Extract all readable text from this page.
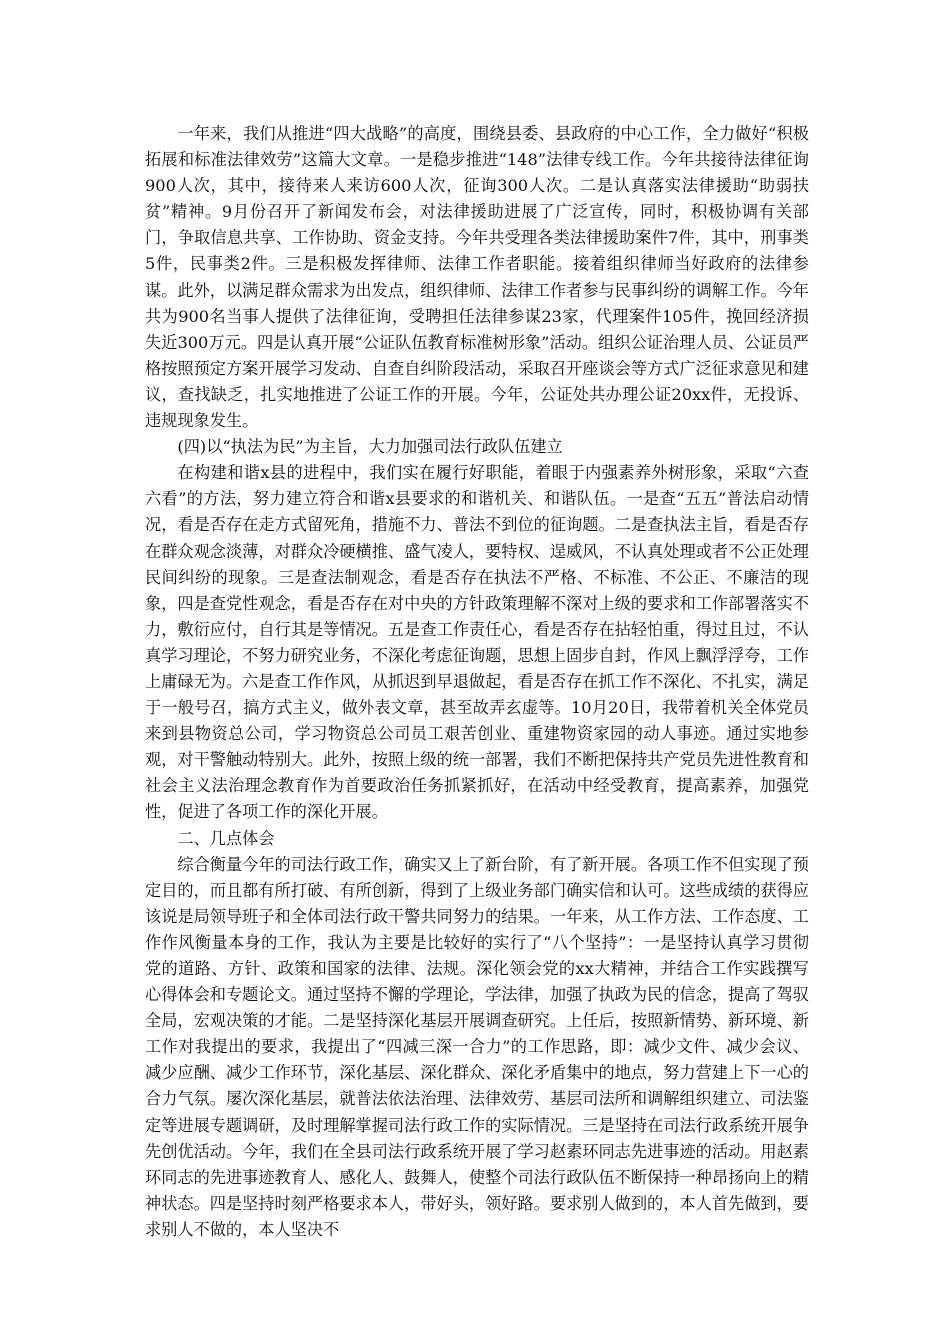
一年来，我们从推进“四大战略”的高度，围绕县委、县政府的中心工作，全力做好“积极拓展和标准法律效劳”这篇大文章。一是稳步推进“148”法律专线工作。今年共接待法律征询900人次，其中，接待来人来访600人次，征询300人次。二是认真落实法律援助“助弱扶贫”精神。9月份召开了新闻发布会，对法律援助进展了广泛宣传，同时，积极协调有关部门，争取信息共享、工作协助、资金支持。今年共受理各类法律援助案件7件，其中，刑事类5件，民事类2件。三是积极发挥律师、法律工作者职能。接着组织律师当好政府的法律参谋。此外，以满足群众需求为出发点，组织律师、法律工作者参与民事纠纷的调解工作。今年共为900名当事人提供了法律征询，受聘担任法律参谋23家，代理案件105件，挽回经济损失近300万元。四是认真开展“公证队伍教育标准树形象”活动。组织公证治理人员、公证员严格按照预定方案开展学习发动、自查自纠阶段活动，采取召开座谈会等方式广泛征求意见和建议，查找缺乏，扎实地推进了公证工作的开展。今年，公证处共办理公证20xx件，无投诉、违规现象发生。

(四)以“执法为民”为主旨，大力加强司法行政队伍建立

在构建和谐x县的进程中，我们实在履行好职能，着眼于内强素养外树形象，采取“六查六看”的方法，努力建立符合和谐x县要求的和谐机关、和谐队伍。一是查“五五”普法启动情况，看是否存在走方式留死角，措施不力、普法不到位的征询题。二是查执法主旨，看是否存在群众观念淡薄，对群众冷硬横推、盛气凌人，要特权、逞威风，不认真处理或者不公正处理民间纠纷的现象。三是查法制观念，看是否存在执法不严格、不标准、不公正、不廉洁的现象，四是查党性观念，看是否存在对中央的方针政策理解不深对上级的要求和工作部署落实不力，敷衍应付，自行其是等情况。五是查工作责任心，看是否存在拈轻怕重，得过且过，不认真学习理论，不努力研究业务，不深化考虑征询题，思想上固步自封，作风上飘浮浮夸，工作上庸碌无为。六是查工作作风，从抓迟到早退做起，看是否存在抓工作不深化、不扎实，满足于一般号召，搞方式主义，做外表文章，甚至故弄玄虚等。10月20日，我带着机关全体党员来到县物资总公司，学习物资总公司员工艰苦创业、重建物资家园的动人事迹。通过实地参观，对干警触动特别大。此外，按照上级的统一部署，我们不断把保持共产党员先进性教育和社会主义法治理念教育作为首要政治任务抓紧抓好，在活动中经受教育，提高素养，加强党性，促进了各项工作的深化开展。

二、几点体会

综合衡量今年的司法行政工作，确实又上了新台阶，有了新开展。各项工作不但实现了预定目的，而且都有所打破、有所创新，得到了上级业务部门确实信和认可。这些成绩的获得应该说是局领导班子和全体司法行政干警共同努力的结果。一年来，从工作方法、工作态度、工作作风衡量本身的工作，我认为主要是比较好的实行了“八个坚持”：一是坚持认真学习贯彻党的道路、方针、政策和国家的法律、法规。深化领会党的xx大精神，并结合工作实践撰写心得体会和专题论文。通过坚持不懈的学理论，学法律，加强了执政为民的信念，提高了驾驭全局，宏观决策的才能。二是坚持深化基层开展调查研究。上任后，按照新情势、新环境、新工作对我提出的要求，我提出了“四减三深一合力”的工作思路，即：减少文件、减少会议、减少应酬、减少工作环节，深化基层、深化群众、深化矛盾集中的地点，努力营建上下一心的合力气氛。屡次深化基层，就普法依法治理、法律效劳、基层司法所和调解组织建立、司法鉴定等进展专题调研，及时理解掌握司法行政工作的实际情况。三是坚持在司法行政系统开展争先创优活动。今年，我们在全县司法行政系统开展了学习赵素环同志先进事迹的活动。用赵素环同志的先进事迹教育人、感化人、鼓舞人，使整个司法行政队伍不断保持一种昂扬向上的精神状态。四是坚持时刻严格要求本人，带好头，领好路。要求别人做到的，本人首先做到，要求别人不做的，本人坚决不
